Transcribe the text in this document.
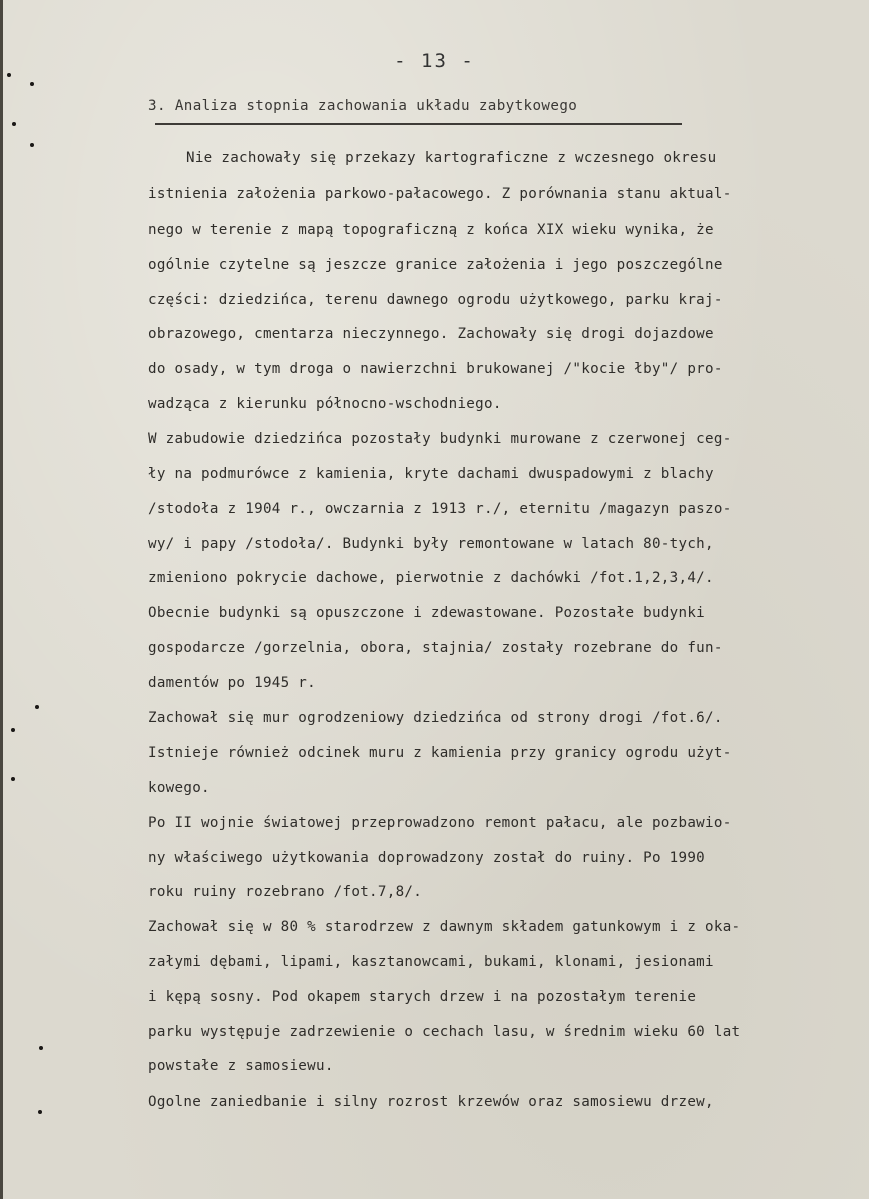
- 13 -
3. Analiza stopnia zachowania układu zabytkowego
Nie zachowały się przekazy kartograficzne z wczesnego okresu
istnienia założenia parkowo-pałacowego. Z porównania stanu aktual-
nego w terenie z mapą topograficzną z końca XIX wieku wynika, że
ogólnie czytelne są jeszcze granice założenia i jego poszczególne
części: dziedzińca, terenu dawnego ogrodu użytkowego, parku kraj-
obrazowego, cmentarza nieczynnego. Zachowały się drogi dojazdowe
do osady, w tym droga o nawierzchni brukowanej /"kocie łby"/ pro-
wadząca z kierunku północno-wschodniego.
W zabudowie dziedzińca pozostały budynki murowane z czerwonej ceg-
ły na podmurówce z kamienia, kryte dachami dwuspadowymi z blachy
/stodoła z 1904 r., owczarnia z 1913 r./, eternitu /magazyn paszo-
wy/ i papy /stodoła/. Budynki były remontowane w latach 80-tych,
zmieniono pokrycie dachowe, pierwotnie z dachówki /fot.1,2,3,4/.
Obecnie budynki są opuszczone i zdewastowane. Pozostałe budynki
gospodarcze /gorzelnia, obora, stajnia/ zostały rozebrane do fun-
damentów po 1945 r.
Zachował się mur ogrodzeniowy dziedzińca od strony drogi /fot.6/.
Istnieje również odcinek muru z kamienia przy granicy ogrodu użyt-
kowego.
Po II wojnie światowej przeprowadzono remont pałacu, ale pozbawio-
ny właściwego użytkowania doprowadzony został do ruiny. Po 1990
roku ruiny rozebrano /fot.7,8/.
Zachował się w 80 % starodrzew z dawnym składem gatunkowym i z oka-
załymi dębami, lipami, kasztanowcami, bukami, klonami, jesionami
i kępą sosny. Pod okapem starych drzew i na pozostałym terenie
parku występuje zadrzewienie o cechach lasu, w średnim wieku 60 lat
powstałe z samosiewu.
Ogolne zaniedbanie i silny rozrost krzewów oraz samosiewu drzew,
